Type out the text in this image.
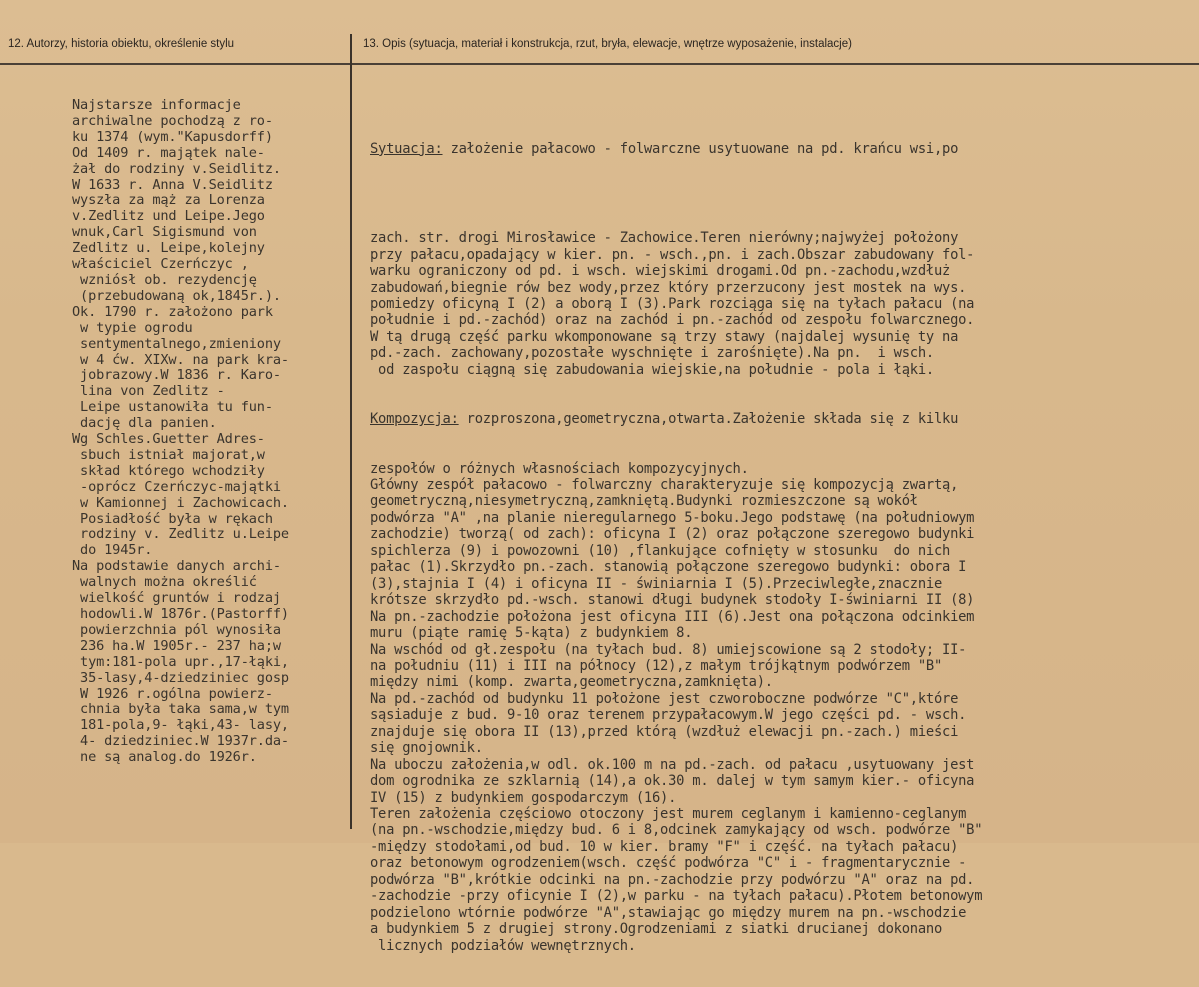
12. Autorzy, historia obiektu, określenie stylu	13. Opis (sytuacja, materiał i konstrukcja, rzut, bryła, elewacje, wnętrze wyposażenie, instalacje)
Najstarsze informacje
archiwalne pochodzą z ro-
ku 1374 (wym."Kapusdorff)
Od 1409 r. majątek nale-
żał do rodziny v.Seidlitz.
W 1633 r. Anna V.Seidlitz
wyszła za mąż za Lorenza
v.Zedlitz und Leipe.Jego
wnuk,Carl Sigismund von
Zedlitz u. Leipe,kolejny
właściciel Czerńczyc ,
wzniósł ob. rezydencję
(przebudowaną ok,1845r.).
Ok. 1790 r. założono park
w typie ogrodu
sentymentalnego,zmieniony
w 4 ćw. XIXw. na park kra-
jobrazowy.W 1836 r. Karo-
lina von Zedlitz -
Leipe ustanowiła tu fun-
dację dla panien.
Wg Schles.Guetter Adres-
sbuch istniał majorat,w
skład którego wchodziły
-oprócz Czerńczyc-majątki
w Kamionnej i Zachowicach.
Posiadłość była w rękach
rodziny v. Zedlitz u.Leipe
do 1945r.
Na podstawie danych archi-
walnych można określić
wielkość gruntów i rodzaj
hodowli.W 1876r.(Pastorff)
powierzchnia pól wynosiła
236 ha.W 1905r.- 237 ha;w
tym:181-pola upr.,17-łąki,
35-lasy,4-dziedziniec gosp
W 1926 r.ogólna powierz-
chnia była taka sama,w tym
181-pola,9- łąki,43- lasy,
4- dziedziniec.W 1937r.da-
ne są analog.do 1926r.

Sytuacja: założenie pałacowo - folwarczne usytuowane na pd. krańcu wsi,po

zach. str. drogi Mirosławice - Zachowice.Teren nierówny;najwyżej położony
przy pałacu,opadający w kier. pn. - wsch.,pn. i zach.Obszar zabudowany fol-
warku ograniczony od pd. i wsch. wiejskimi drogami.Od pn.-zachodu,wzdłuż
zabudowań,biegnie rów bez wody,przez który przerzucony jest mostek na wys.
pomiedzy oficyną I (2) a oborą I (3).Park rozciąga się na tyłach pałacu (na
południe i pd.-zachód) oraz na zachód i pn.-zachód od zespołu folwarcznego.
W tą drugą część parku wkomponowane są trzy stawy (najdalej wysunię ty na
pd.-zach. zachowany,pozostałe wyschnięte i zarośnięte).Na pn.  i wsch.
od zaspołu ciągną się zabudowania wiejskie,na południe - pola i łąki.

Kompozycja: rozproszona,geometryczna,otwarta.Założenie składa się z kilku

zespołów o różnych własnościach kompozycyjnych.
Główny zespół pałacowo - folwarczny charakteryzuje się kompozycją zwartą,
geometryczną,niesymetryczną,zamkniętą.Budynki rozmieszczone są wokół
podwórza "A" ,na planie nieregularnego 5-boku.Jego podstawę (na południowym
zachodzie) tworzą( od zach): oficyna I (2) oraz połączone szeregowo budynki
spichlerza (9) i powozowni (10) ,flankujące cofnięty w stosunku  do nich
pałac (1).Skrzydło pn.-zach. stanowią połączone szeregowo budynki: obora I
(3),stajnia I (4) i oficyna II - świniarnia I (5).Przeciwległe,znacznie
krótsze skrzydło pd.-wsch. stanowi długi budynek stodoły I-świniarni II (8)
Na pn.-zachodzie położona jest oficyna III (6).Jest ona połączona odcinkiem
muru (piąte ramię 5-kąta) z budynkiem 8.
Na wschód od gł.zespołu (na tyłach bud. 8) umiejscowione są 2 stodoły; II-
na południu (11) i III na północy (12),z małym trójkątnym podwórzem "B"
między nimi (komp. zwarta,geometryczna,zamknięta).
Na pd.-zachód od budynku 11 położone jest czworoboczne podwórze "C",które
sąsiaduje z bud. 9-10 oraz terenem przypałacowym.W jego części pd. - wsch.
znajduje się obora II (13),przed którą (wzdłuż elewacji pn.-zach.) mieści
się gnojownik.
Na uboczu założenia,w odl. ok.100 m na pd.-zach. od pałacu ,usytuowany jest
dom ogrodnika ze szklarnią (14),a ok.30 m. dalej w tym samym kier.- oficyna
IV (15) z budynkiem gospodarczym (16).
Teren założenia częściowo otoczony jest murem ceglanym i kamienno-ceglanym
(na pn.-wschodzie,między bud. 6 i 8,odcinek zamykający od wsch. podwórze "B"
-między stodołami,od bud. 10 w kier. bramy "F" i część. na tyłach pałacu)
oraz betonowym ogrodzeniem(wsch. część podwórza "C" i - fragmentarycznie -
podwórza "B",krótkie odcinki na pn.-zachodzie przy podwórzu "A" oraz na pd.
-zachodzie -przy oficynie I (2),w parku - na tyłach pałacu).Płotem betonowym
podzielono wtórnie podwórze "A",stawiając go między murem na pn.-wschodzie
a budynkiem 5 z drugiej strony.Ogrodzeniami z siatki drucianej dokonano
licznych podziałów wewnętrznych.
